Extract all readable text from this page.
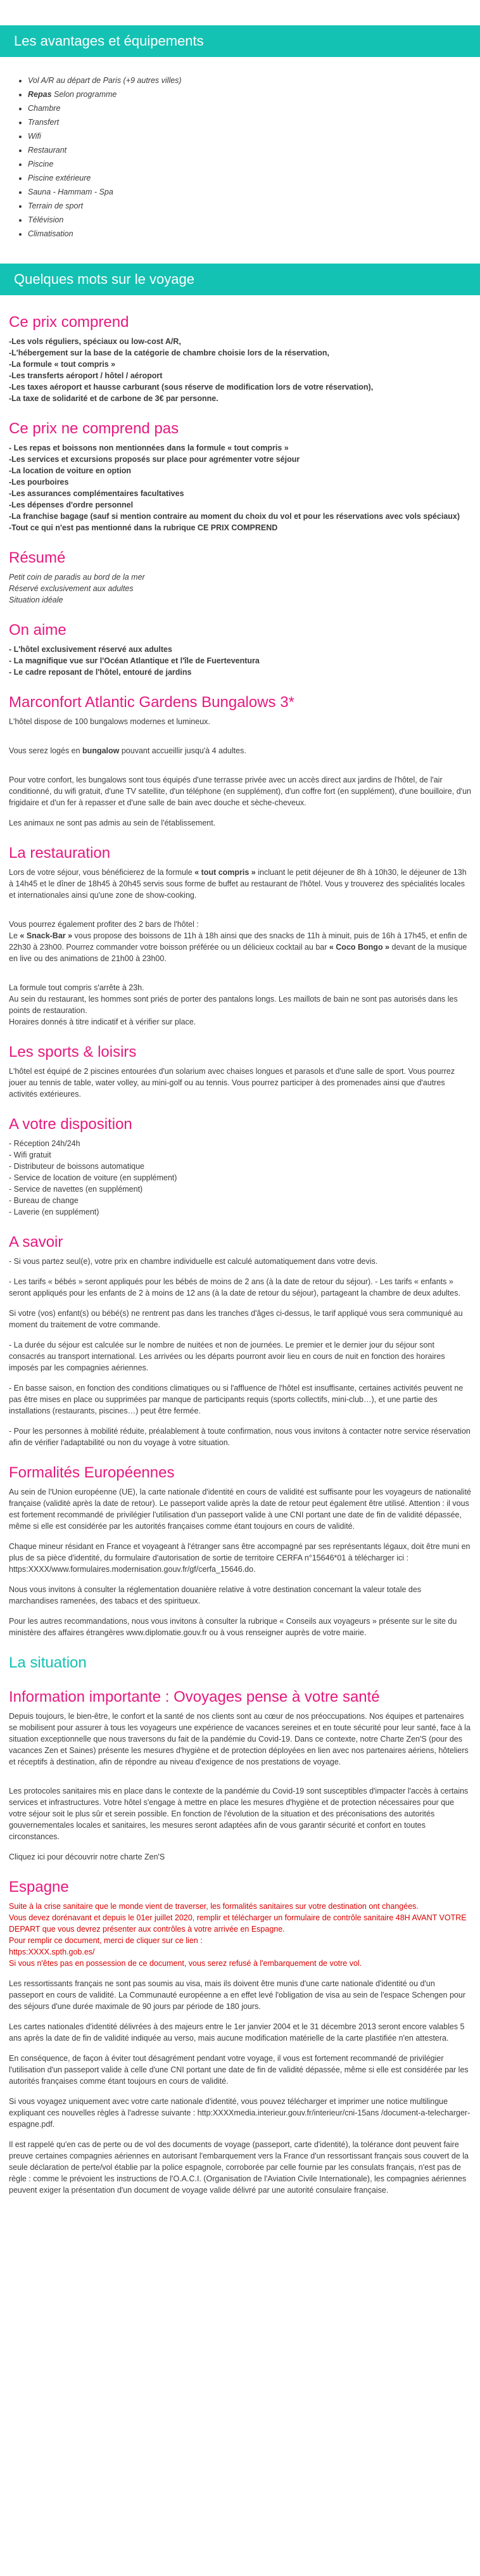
Les avantages et équipements
• Vol A/R au départ de Paris (+9 autres villes)
• Repas Selon programme
• Chambre
• Transfert
• Wifi
• Restaurant
• Piscine
• Piscine extérieure
• Sauna - Hammam - Spa
• Terrain de sport
• Télévision
• Climatisation
Quelques mots sur le voyage
Ce prix comprend
-Les vols réguliers, spéciaux ou low-cost A/R,
-L'hébergement sur la base de la catégorie de chambre choisie lors de la réservation,
-La formule « tout compris »
-Les transferts aéroport / hôtel / aéroport
-Les taxes aéroport et hausse carburant (sous réserve de modification lors de votre réservation),
-La taxe de solidarité et de carbone de 3€ par personne.
Ce prix ne comprend pas
- Les repas et boissons non mentionnées dans la formule « tout compris »
-Les services et excursions proposés sur place pour agrémenter votre séjour
-La location de voiture en option
-Les pourboires
-Les assurances complémentaires facultatives
-Les dépenses d'ordre personnel
-La franchise bagage (sauf si mention contraire au moment du choix du vol et pour les réservations avec vols spéciaux)
-Tout ce qui n'est pas mentionné dans la rubrique CE PRIX COMPREND
Résumé
Petit coin de paradis au bord de la mer
Réservé exclusivement aux adultes
Situation idéale
On aime
- L'hôtel exclusivement réservé aux adultes
- La magnifique vue sur l'Océan Atlantique et l'île de Fuerteventura
- Le cadre reposant de l'hôtel, entouré de jardins
Marconfort Atlantic Gardens Bungalows 3*

L'hôtel dispose de 100 bungalows modernes et lumineux.

Vous serez logés en bungalow pouvant accueillir jusqu'à 4 adultes.

Pour votre confort, les bungalows sont tous équipés d'une terrasse privée avec un accès direct aux jardins de l'hôtel, de l'air conditionné, du wifi gratuit, d'une TV satellite, d'un téléphone (en supplément), d'un coffre fort (en supplément), d'une bouilloire, d'un frigidaire et d'un fer à repasser et d'une salle de bain avec douche et sèche-cheveux.

Les animaux ne sont pas admis au sein de l'établissement.

La restauration

Lors de votre séjour, vous bénéficierez de la formule « tout compris » incluant le petit déjeuner de 8h à 10h30, le déjeuner de 13h à 14h45 et le dîner de 18h45 à 20h45 servis sous forme de buffet au restaurant de l'hôtel. Vous y trouverez des spécialités locales et internationales ainsi qu'une zone de show-cooking.

Vous pourrez également profiter des 2 bars de l'hôtel :
Le « Snack-Bar » vous propose des boissons de 11h à 18h ainsi que des snacks de 11h à minuit, puis de 16h à 17h45, et enfin de 22h30 à 23h00. Pourrez commander votre boisson préférée ou un délicieux cocktail au bar « Coco Bongo » devant de la musique en live ou des animations de 21h00 à 23h00.

La formule tout compris s'arrête à 23h.
Au sein du restaurant, les hommes sont priés de porter des pantalons longs. Les maillots de bain ne sont pas autorisés dans les points de restauration.
Horaires donnés à titre indicatif et à vérifier sur place.

Les sports & loisirs

L'hôtel est équipé de 2 piscines entourées d'un solarium avec chaises longues et parasols et d'une salle de sport. Vous pourrez jouer au tennis de table, water volley, au mini-golf ou au tennis. Vous pourrez participer à des promenades ainsi que d'autres activités extérieures.

A votre disposition
- Réception 24h/24h
- Wifi gratuit
- Distributeur de boissons automatique
- Service de location de voiture (en supplément)
- Service de navettes (en supplément)
- Bureau de change
- Laverie (en supplément)
A savoir

- Si vous partez seul(e), votre prix en chambre individuelle est calculé automatiquement dans votre devis.

- Les tarifs « bébés » seront appliqués pour les bébés de moins de 2 ans (à la date de retour du séjour). - Les tarifs « enfants » seront appliqués pour les enfants de 2 à moins de 12 ans (à la date de retour du séjour), partageant la chambre de deux adultes.

Si votre (vos) enfant(s) ou bébé(s) ne rentrent pas dans les tranches d'âges ci-dessus, le tarif appliqué vous sera communiqué au moment du traitement de votre commande.

- La durée du séjour est calculée sur le nombre de nuitées et non de journées. Le premier et le dernier jour du séjour sont consacrés au transport international. Les arrivées ou les départs pourront avoir lieu en cours de nuit en fonction des horaires imposés par les compagnies aériennes.

- En basse saison, en fonction des conditions climatiques ou si l'affluence de l'hôtel est insuffisante, certaines activités peuvent ne pas être mises en place ou supprimées par manque de participants requis (sports collectifs, mini-club…), et une partie des installations (restaurants, piscines…) peut être fermée.

- Pour les personnes à mobilité réduite, préalablement à toute confirmation, nous vous invitons à contacter notre service réservation afin de vérifier l'adaptabilité ou non du voyage à votre situation.

Formalités Européennes

Au sein de l'Union européenne (UE), la carte nationale d'identité en cours de validité est suffisante pour les voyageurs de nationalité française (validité après la date de retour). Le passeport valide après la date de retour peut également être utilisé. Attention : il vous est fortement recommandé de privilégier l'utilisation d'un passeport valide à une CNI portant une date de fin de validité dépassée, même si elle est considérée par les autorités françaises comme étant toujours en cours de validité.

Chaque mineur résidant en France et voyageant à l'étranger sans être accompagné par ses représentants légaux, doit être muni en plus de sa pièce d'identité, du formulaire d'autorisation de sortie de territoire CERFA n°15646*01 à télécharger ici : https:XXXX/www.formulaires.modernisation.gouv.fr/gf/cerfa_15646.do.

Nous vous invitons à consulter la réglementation douanière relative à votre destination concernant la valeur totale des marchandises ramenées, des tabacs et des spiritueux.

Pour les autres recommandations, nous vous invitons à consulter la rubrique « Conseils aux voyageurs » présente sur le site du ministère des affaires étrangères www.diplomatie.gouv.fr ou à vous renseigner auprès de votre mairie.

La situation
Information importante : Ovoyages pense à votre santé

Depuis toujours, le bien-être, le confort et la santé de nos clients sont au cœur de nos préoccupations. Nos équipes et partenaires se mobilisent pour assurer à tous les voyageurs une expérience de vacances sereines et en toute sécurité pour leur santé, face à la situation exceptionnelle que nous traversons du fait de la pandémie du Covid-19. Dans ce contexte, notre Charte Zen'S (pour des vacances Zen et Saines) présente les mesures d'hygiène et de protection déployées en lien avec nos partenaires aériens, hôteliers et réceptifs à destination, afin de répondre au niveau d'exigence de nos prestations de voyage.

Les protocoles sanitaires mis en place dans le contexte de la pandémie du Covid-19 sont susceptibles d'impacter l'accès à certains services et infrastructures. Votre hôtel s'engage à mettre en place les mesures d'hygiène et de protection nécessaires pour que votre séjour soit le plus sûr et serein possible. En fonction de l'évolution de la situation et des préconisations des autorités gouvernementales locales et sanitaires, les mesures seront adaptées afin de vous garantir sécurité et confort en toutes circonstances.

Cliquez ici pour découvrir notre charte Zen'S

Espagne
Suite à la crise sanitaire que le monde vient de traverser, les formalités sanitaires sur votre destination ont changées.
Vous devez dorénavant et depuis le 01er juillet 2020, remplir et télécharger un formulaire de contrôle sanitaire 48H AVANT VOTRE DEPART que vous devrez présenter aux contrôles à votre arrivée en Espagne.
Pour remplir ce document, merci de cliquer sur ce lien :
https:XXXX.spth.gob.es/
Si vous n'êtes pas en possession de ce document, vous serez refusé à l'embarquement de votre vol.

Les ressortissants français ne sont pas soumis au visa, mais ils doivent être munis d'une carte nationale d'identité ou d'un passeport en cours de validité. La Communauté européenne a en effet levé l'obligation de visa au sein de l'espace Schengen pour des séjours d'une durée maximale de 90 jours par période de 180 jours.

Les cartes nationales d'identité délivrées à des majeurs entre le 1er janvier 2004 et le 31 décembre 2013 seront encore valables 5 ans après la date de fin de validité indiquée au verso, mais aucune modification matérielle de la carte plastifiée n'en attestera.

En conséquence, de façon à éviter tout désagrément pendant votre voyage, il vous est fortement recommandé de privilégier l'utilisation d'un passeport valide à celle d'une CNI portant une date de fin de validité dépassée, même si elle est considérée par les autorités françaises comme étant toujours en cours de validité.

Si vous voyagez uniquement avec votre carte nationale d'identité, vous pouvez télécharger et imprimer une notice multilingue expliquant ces nouvelles règles à l'adresse suivante : http:XXXXmedia.interieur.gouv.fr/interieur/cni-15ans /document-a-telecharger-espagne.pdf.

Il est rappelé qu'en cas de perte ou de vol des documents de voyage (passeport, carte d'identité), la tolérance dont peuvent faire preuve certaines compagnies aériennes en autorisant l'embarquement vers la France d'un ressortissant français sous couvert de la seule déclaration de perte/vol établie par la police espagnole, corroborée par celle fournie par les consulats français, n'est pas de règle : comme le prévoient les instructions de l'O.A.C.I. (Organisation de l'Aviation Civile Internationale), les compagnies aériennes peuvent exiger la présentation d'un document de voyage valide délivré par une autorité consulaire française.
